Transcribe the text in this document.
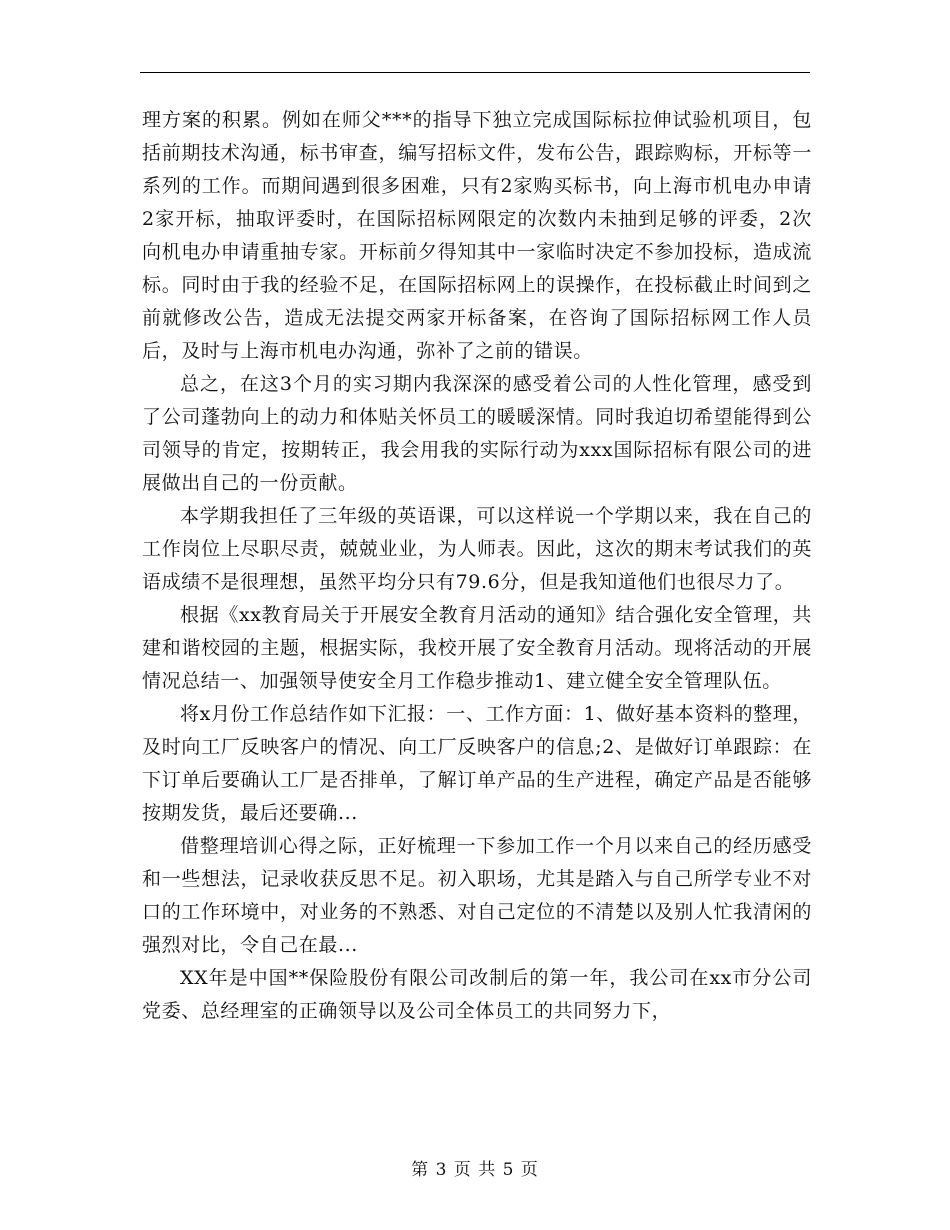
理方案的积累。例如在师父***的指导下独立完成国际标拉伸试验机项目，包括前期技术沟通，标书审查，编写招标文件，发布公告，跟踪购标，开标等一系列的工作。而期间遇到很多困难，只有2家购买标书，向上海市机电办申请2家开标，抽取评委时，在国际招标网限定的次数内未抽到足够的评委，2次向机电办申请重抽专家。开标前夕得知其中一家临时决定不参加投标，造成流标。同时由于我的经验不足，在国际招标网上的误操作，在投标截止时间到之前就修改公告，造成无法提交两家开标备案，在咨询了国际招标网工作人员后，及时与上海市机电办沟通，弥补了之前的错误。

总之，在这3个月的实习期内我深深的感受着公司的人性化管理，感受到了公司蓬勃向上的动力和体贴关怀员工的暖暖深情。同时我迫切希望能得到公司领导的肯定，按期转正，我会用我的实际行动为xxx国际招标有限公司的进展做出自己的一份贡献。

本学期我担任了三年级的英语课，可以这样说一个学期以来，我在自己的工作岗位上尽职尽责，兢兢业业，为人师表。因此，这次的期末考试我们的英语成绩不是很理想，虽然平均分只有79.6分，但是我知道他们也很尽力了。

根据《xx教育局关于开展安全教育月活动的通知》结合强化安全管理，共建和谐校园的主题，根据实际，我校开展了安全教育月活动。现将活动的开展情况总结一、加强领导使安全月工作稳步推动1、建立健全安全管理队伍。

将x月份工作总结作如下汇报：一、工作方面：1、做好基本资料的整理，及时向工厂反映客户的情况、向工厂反映客户的信息;2、是做好订单跟踪：在下订单后要确认工厂是否排单，了解订单产品的生产进程，确定产品是否能够按期发货，最后还要确...

借整理培训心得之际，正好梳理一下参加工作一个月以来自己的经历感受和一些想法，记录收获反思不足。初入职场，尤其是踏入与自己所学专业不对口的工作环境中，对业务的不熟悉、对自己定位的不清楚以及别人忙我清闲的强烈对比，令自己在最...

XX年是中国**保险股份有限公司改制后的第一年，我公司在xx市分公司党委、总经理室的正确领导以及公司全体员工的共同努力下，

第 3 页 共 5 页
